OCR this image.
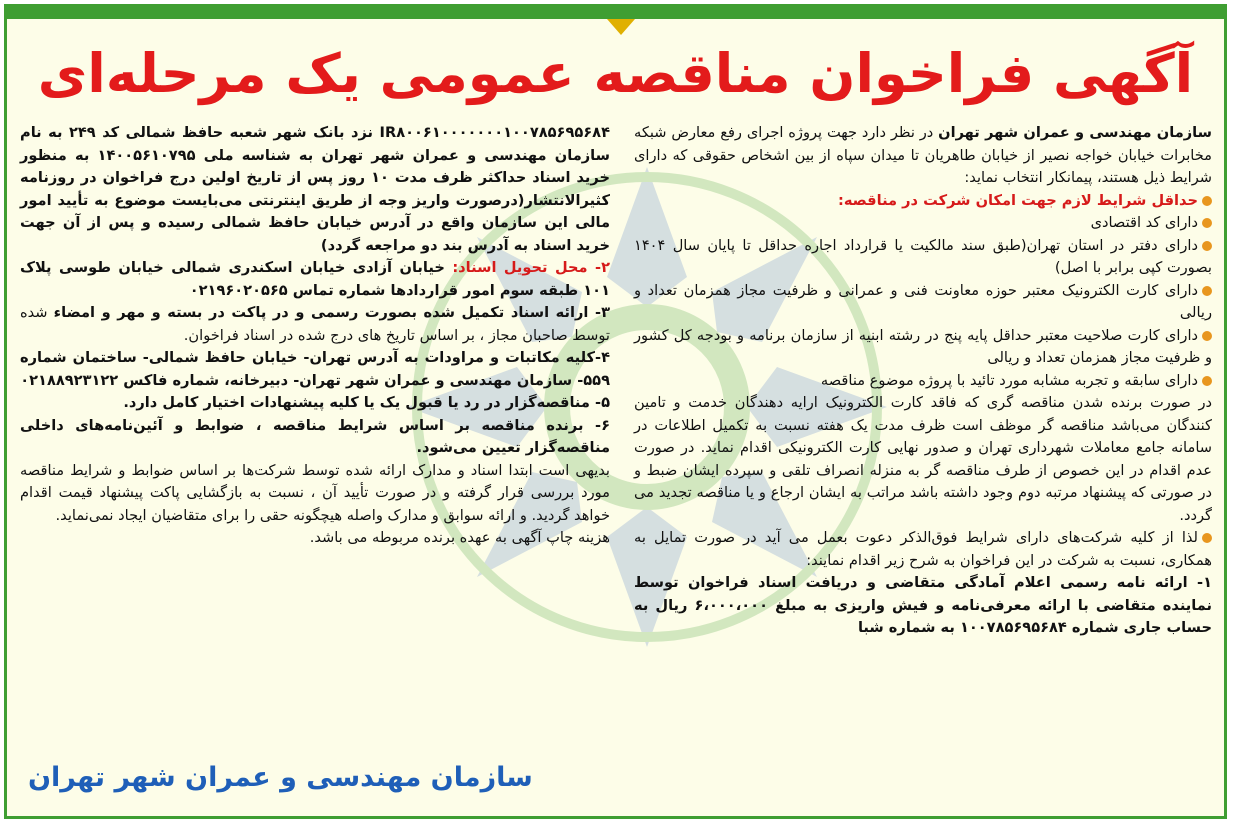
آگهی فراخوان مناقصه عمومی یک مرحله‌ای

سازمان مهندسی و عمران شهر تهران در نظر دارد جهت پروژه اجرای رفع معارض شبکه مخابرات خیابان خواجه نصیر از خیابان طاهریان تا میدان سپاه از بین اشخاص حقوقی که دارای شرایط ذیل هستند، پیمانکار انتخاب نماید:

حداقل شرایط لازم جهت امکان شرکت در مناقصه:

دارای کد اقتصادی

دارای دفتر در استان تهران(طبق سند مالکیت یا قرارداد اجاره حداقل تا پایان سال ۱۴۰۴ بصورت کپی برابر با اصل)

دارای کارت الکترونیک معتبر حوزه معاونت فنی و عمرانی و ظرفیت مجاز همزمان تعداد و ریالی

دارای کارت صلاحیت معتبر حداقل پایه پنج در رشته ابنیه از سازمان برنامه و بودجه کل کشور و ظرفیت مجاز همزمان تعداد و ریالی

دارای سابقه و تجربه مشابه مورد تائید با پروژه موضوع مناقصه

در صورت برنده شدن مناقصه گری که فاقد کارت الکترونیک ارایه دهندگان خدمت و تامین کنندگان می‌باشد مناقصه گر موظف است ظرف مدت یک هفته نسبت به تکمیل اطلاعات در سامانه جامع معاملات شهرداری تهران و صدور نهایی کارت الکترونیکی اقدام نماید. در صورت عدم اقدام در این خصوص از طرف مناقصه گر به منزله انصراف تلقی و سپرده ایشان ضبط و در صورتی که پیشنهاد مرتبه دوم وجود داشته باشد مراتب به ایشان ارجاع و یا مناقصه تجدید می گردد.

لذا از کلیه شرکت‌های دارای شرایط فوق‌الذکر دعوت بعمل می آید در صورت تمایل به همکاری، نسبت به شرکت در این فراخوان به شرح زیر اقدام نمایند:

۱- ارائه نامه رسمی اعلام آمادگی متقاضی و دریافت اسناد فراخوان توسط نماینده متقاضی با ارائه معرفی‌نامه و فیش واریزی به مبلغ ۶،۰۰۰،۰۰۰ ریال به حساب جاری شماره ۱۰۰۷۸۵۶۹۵۶۸۴ به شماره شبا

IR۸۰۰۶۱۰۰۰۰۰۰۰۱۰۰۷۸۵۶۹۵۶۸۴ نزد بانک شهر شعبه حافظ شمالی کد ۲۴۹ به نام سازمان مهندسی و عمران شهر تهران به شناسه ملی ۱۴۰۰۵۶۱۰۷۹۵ به منظور خرید اسناد حداکثر ظرف مدت ۱۰ روز پس از تاریخ اولین درج فراخوان در روزنامه کثیرالانتشار(درصورت واریز وجه از طریق اینترنتی می‌بایست موضوع به تأیید امور مالی این سازمان واقع در آدرس خیابان حافظ شمالی رسیده و پس از آن جهت خرید اسناد به آدرس بند دو مراجعه گردد)

۲- محل تحویل اسناد: خیابان آزادی خیابان اسکندری شمالی خیابان طوسی پلاک ۱۰۱ طبقه سوم امور قراردادها شماره تماس ۰۲۱۹۶۰۲۰۵۶۵

۳- ارائه اسناد تکمیل شده بصورت رسمی و در پاکت در بسته و مهر و امضاء شده توسط صاحبان مجاز ، بر اساس تاریخ های درج شده در اسناد فراخوان.

۴-کلیه مکاتبات و مراودات به آدرس تهران- خیابان حافظ شمالی- ساختمان شماره ۵۵۹- سازمان مهندسی و عمران شهر تهران- دبیرخانه، شماره فاکس ۰۲۱۸۸۹۲۳۱۲۲

۵- مناقصه‌گزار در رد یا قبول یک یا کلیه پیشنهادات اختیار کامل دارد.

۶- برنده مناقصه بر اساس شرایط مناقصه ، ضوابط و آئین‌نامه‌های داخلی مناقصه‌گزار تعیین می‌شود.

بدیهی است ابتدا اسناد و مدارک ارائه شده توسط شرکت‌ها بر اساس ضوابط و شرایط مناقصه مورد بررسی قرار گرفته و در صورت تأیید آن ، نسبت به بازگشایی پاکت پیشنهاد قیمت اقدام خواهد گردید. و ارائه سوابق و مدارک واصله هیچگونه حقی را برای متقاضیان ایجاد نمی‌نماید.

هزینه چاپ آگهی به عهده برنده مربوطه می باشد.

سازمان مهندسی و عمران شهر تهران
